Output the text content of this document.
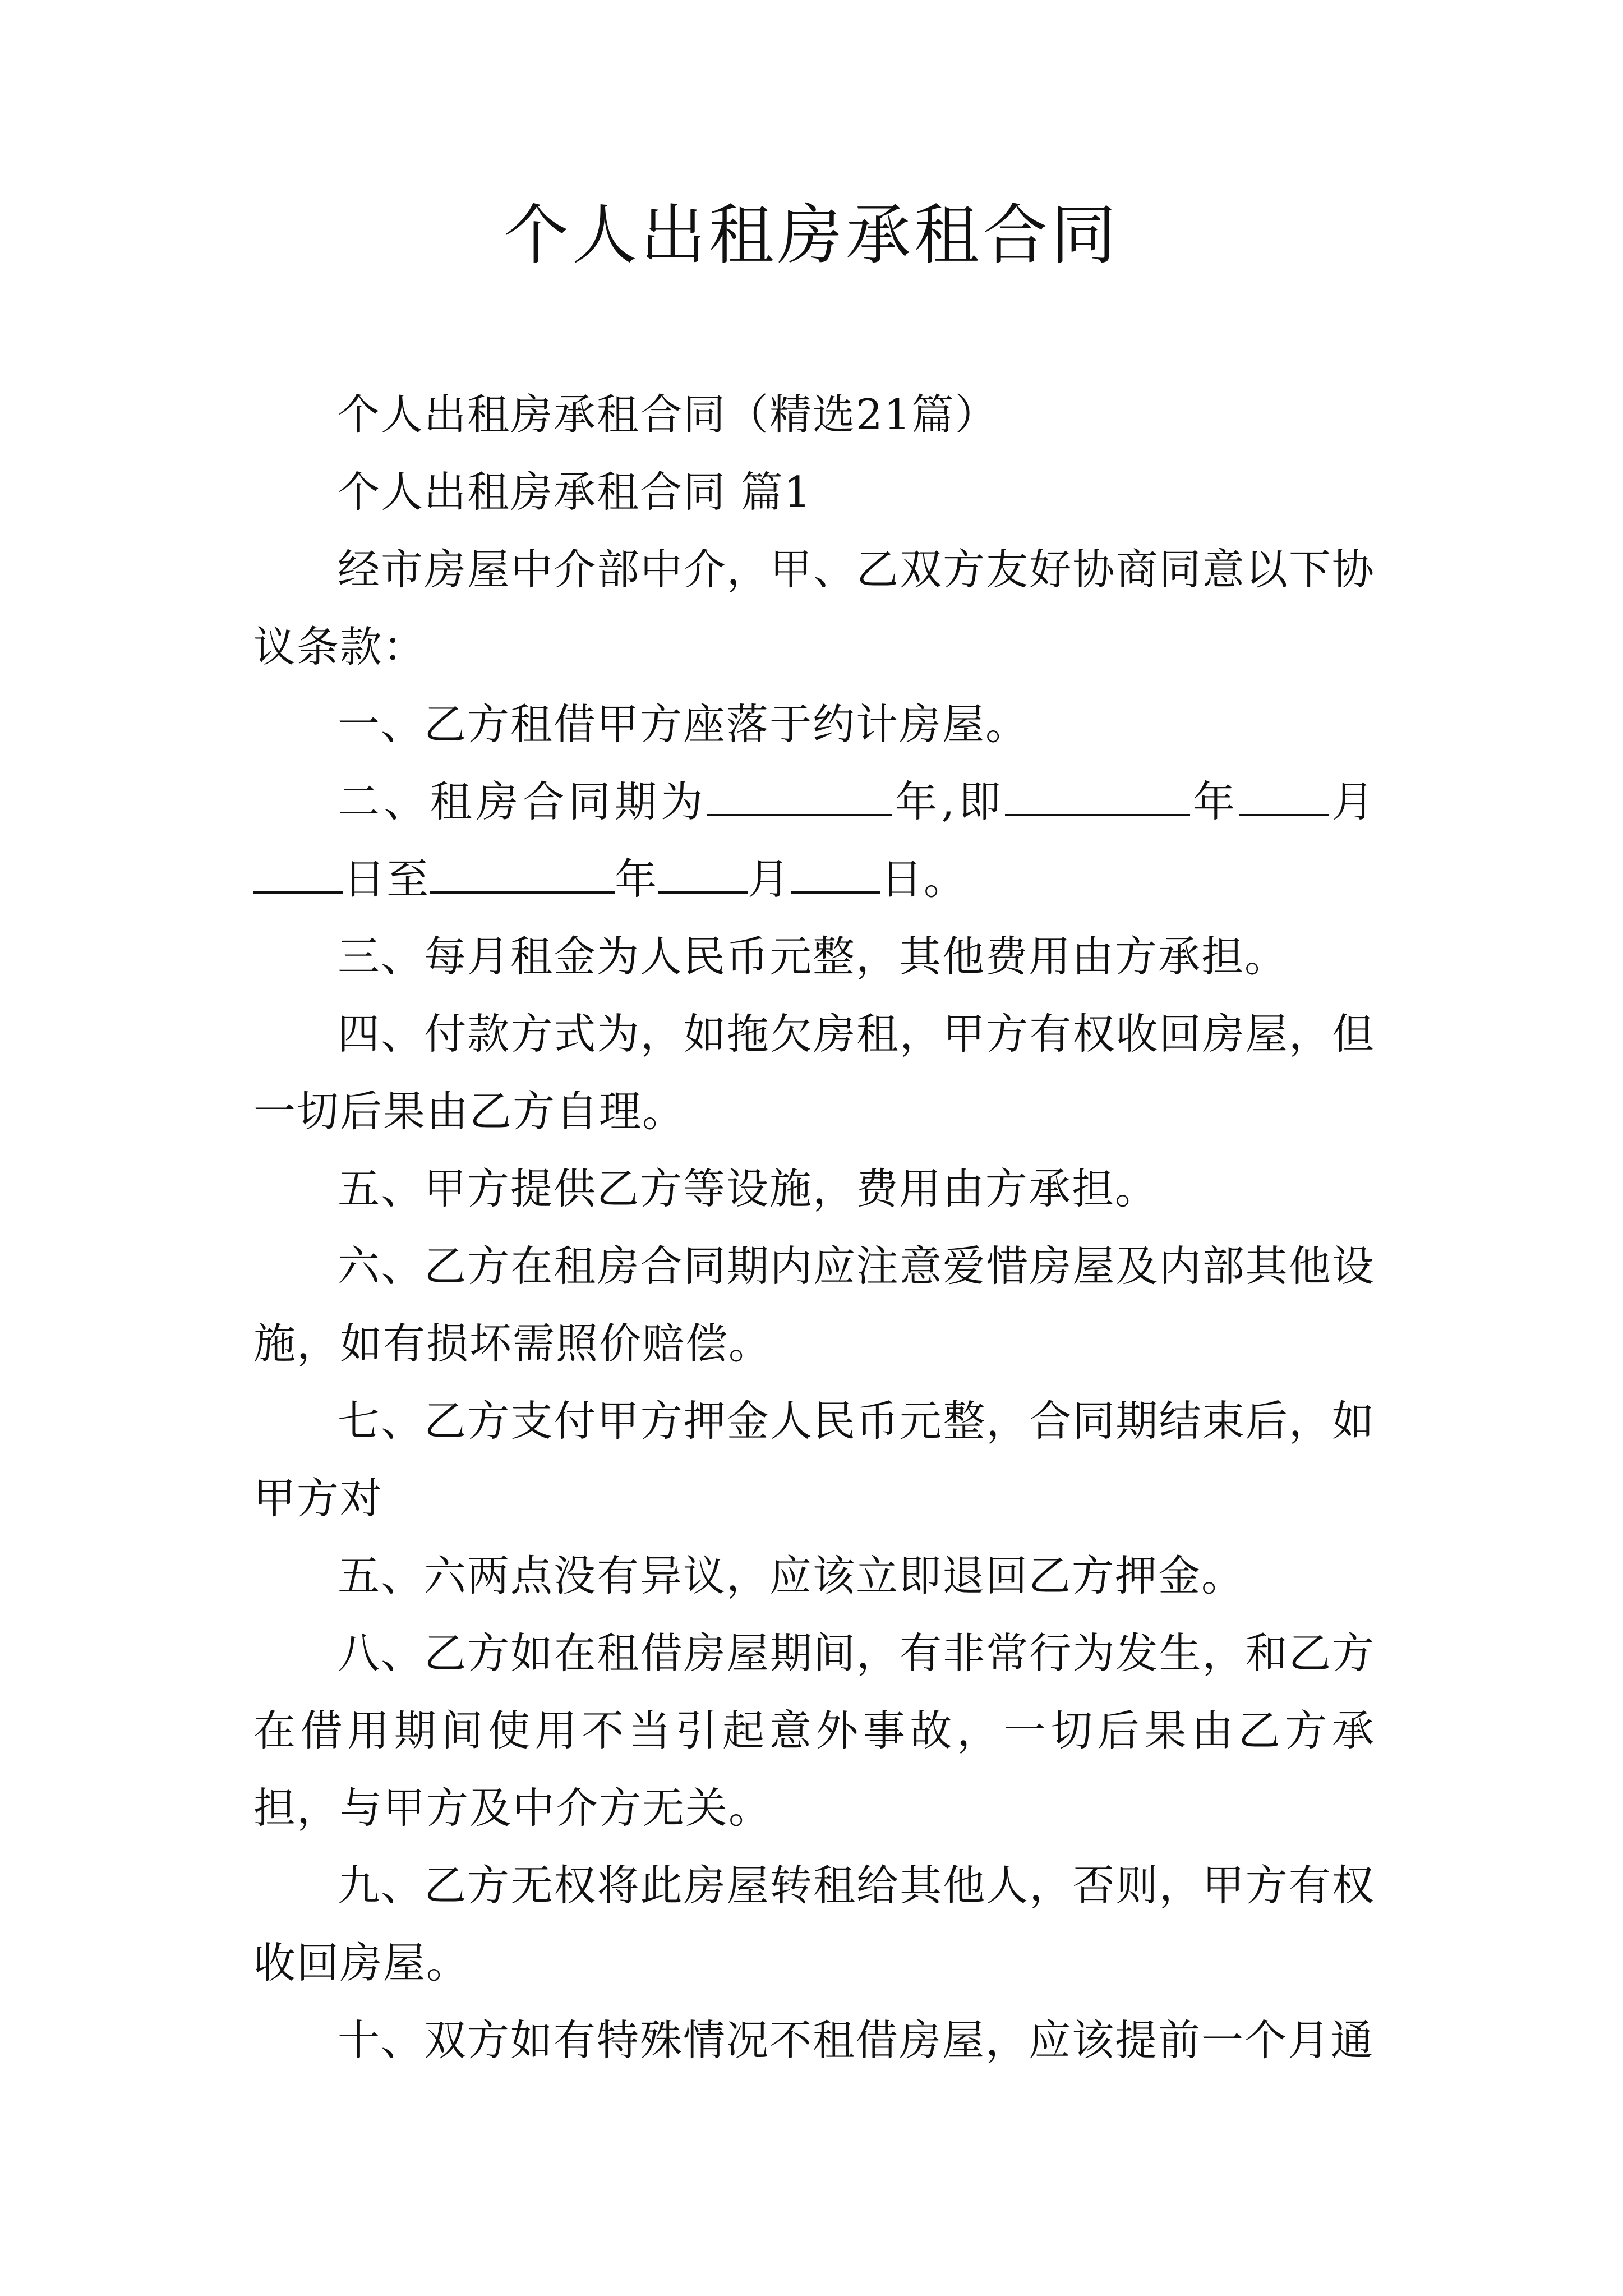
个人出租房承租合同

个人出租房承租合同（精选21篇）

个人出租房承租合同 篇1

经市房屋中介部中介，甲、乙双方友好协商同意以下协议条款：

一、乙方租借甲方座落于约计房屋。

二、租房合同期为	年,即	年 月日至	年 月 日。

三、每月租金为人民币元整，其他费用由方承担。

四、付款方式为，如拖欠房租，甲方有权收回房屋，但一切后果由乙方自理。

五、甲方提供乙方等设施，费用由方承担。

六、乙方在租房合同期内应注意爱惜房屋及内部其他设施，如有损坏需照价赔偿。

七、乙方支付甲方押金人民币元整，合同期结束后，如甲方对

五、六两点没有异议，应该立即退回乙方押金。

八、乙方如在租借房屋期间，有非常行为发生，和乙方在借用期间使用不当引起意外事故，一切后果由乙方承担，与甲方及中介方无关。

九、乙方无权将此房屋转租给其他人，否则，甲方有权收回房屋。

十、双方如有特殊情况不租借房屋，应该提前一个月通
